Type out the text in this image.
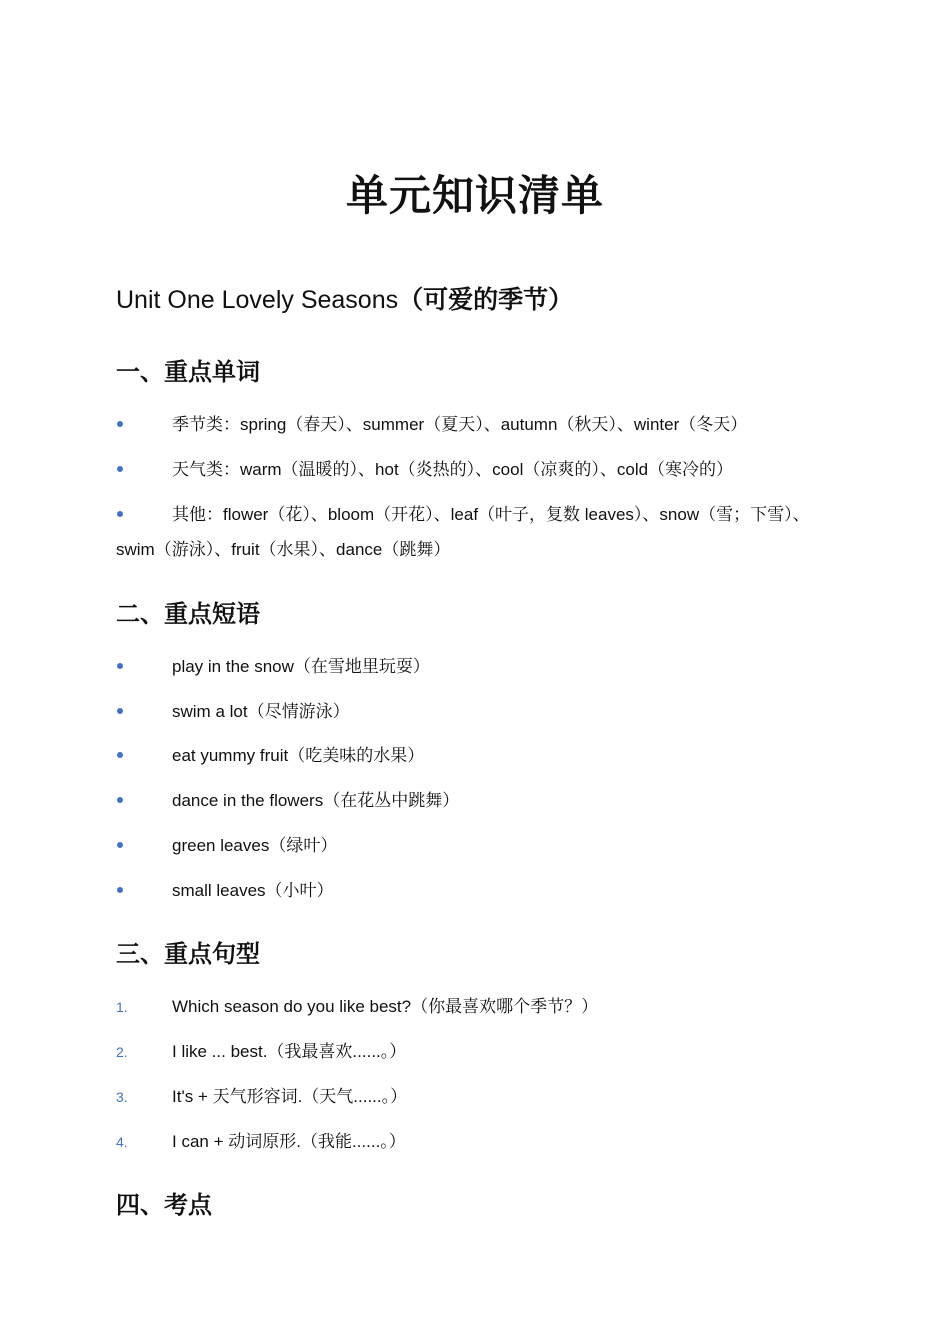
单元知识清单
Unit One Lovely Seasons（可爱的季节）
一、重点单词
季节类：spring（春天）、summer（夏天）、autumn（秋天）、winter（冬天）
天气类：warm（温暖的）、hot（炎热的）、cool（凉爽的）、cold（寒冷的）
其他：flower（花）、bloom（开花）、leaf（叶子，复数 leaves）、snow（雪；下雪）、swim（游泳）、fruit（水果）、dance（跳舞）
二、重点短语
play in the snow（在雪地里玩耍）
swim a lot（尽情游泳）
eat yummy fruit（吃美味的水果）
dance in the flowers（在花丛中跳舞）
green leaves（绿叶）
small leaves（小叶）
三、重点句型
1.	Which season do you like best?（你最喜欢哪个季节？）
2.	I like ... best.（我最喜欢......。）
3.	It's + 天气形容词.（天气......。）
4.	I can + 动词原形.（我能......。）
四、考点
